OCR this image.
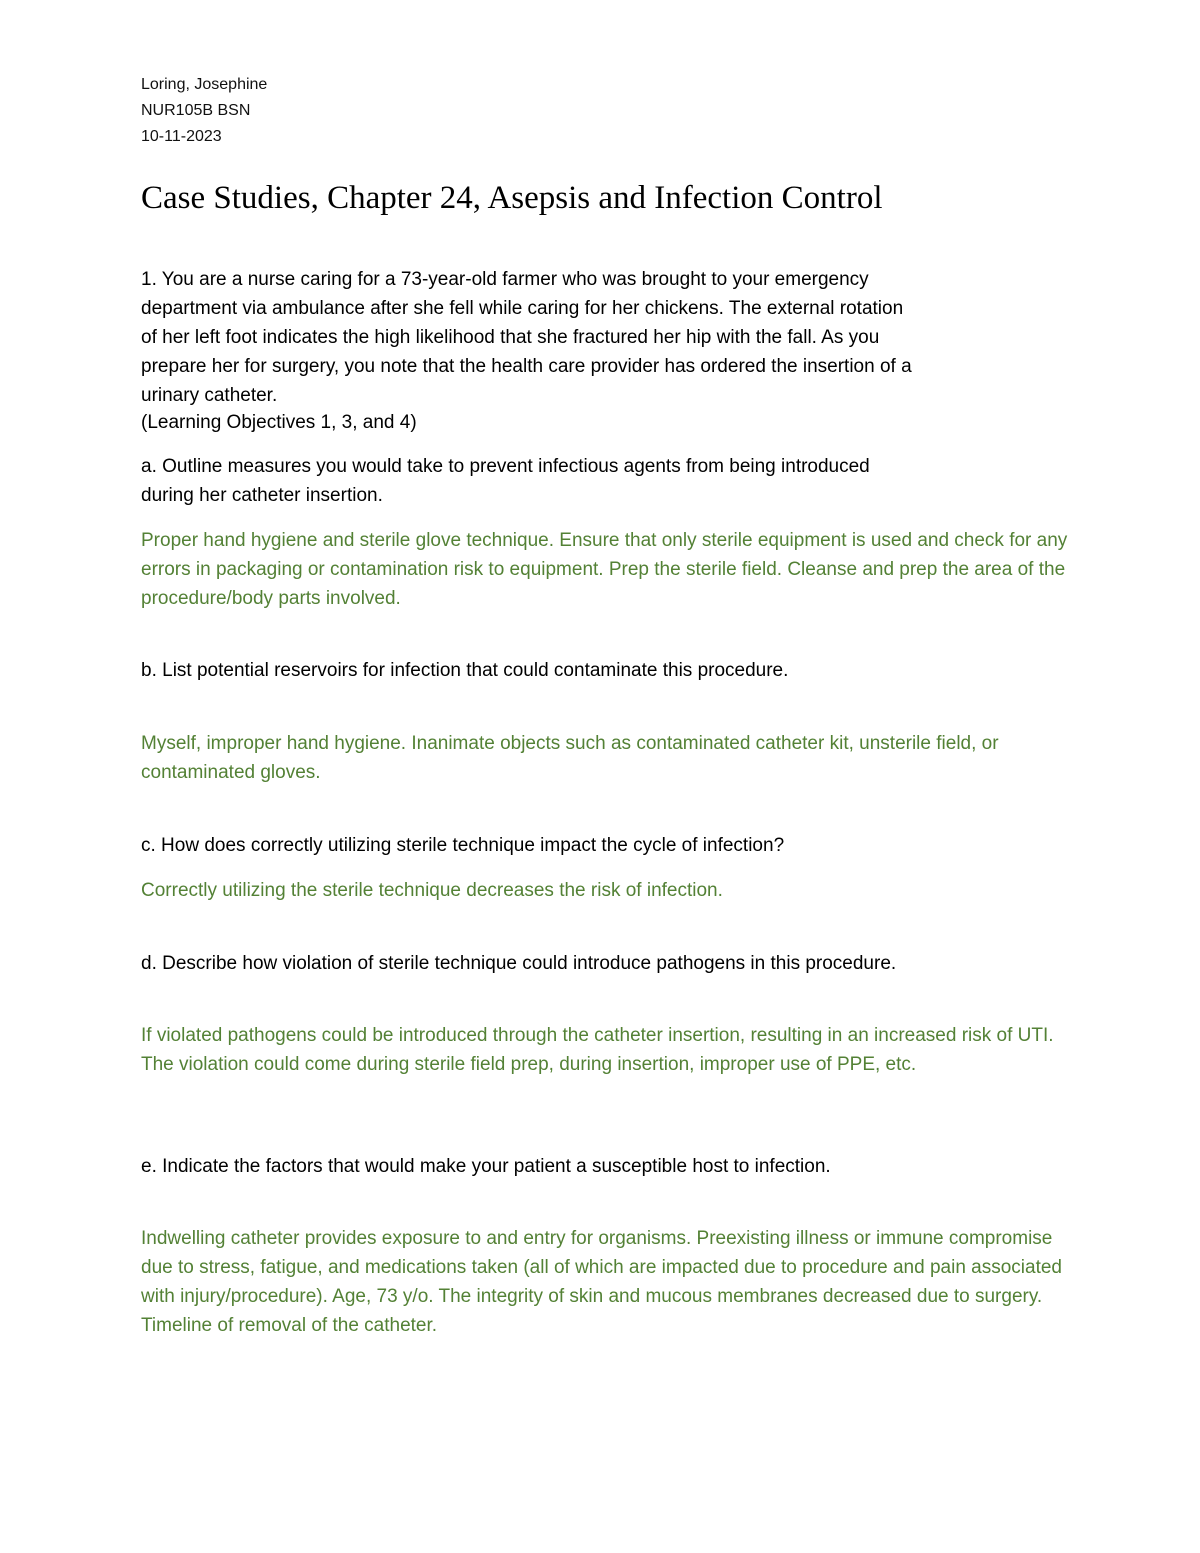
Loring, Josephine
NUR105B BSN
10-11-2023
Case Studies, Chapter 24, Asepsis and Infection Control
1. You are a nurse caring for a 73-year-old farmer who was brought to your emergency department via ambulance after she fell while caring for her chickens. The external rotation of her left foot indicates the high likelihood that she fractured her hip with the fall. As you prepare her for surgery, you note that the health care provider has ordered the insertion of a urinary catheter.
(Learning Objectives 1, 3, and 4)
a. Outline measures you would take to prevent infectious agents from being introduced during her catheter insertion.
Proper hand hygiene and sterile glove technique. Ensure that only sterile equipment is used and check for any errors in packaging or contamination risk to equipment. Prep the sterile field. Cleanse and prep the area of the procedure/body parts involved.
b. List potential reservoirs for infection that could contaminate this procedure.
Myself, improper hand hygiene. Inanimate objects such as contaminated catheter kit, unsterile field, or contaminated gloves.
c. How does correctly utilizing sterile technique impact the cycle of infection?
Correctly utilizing the sterile technique decreases the risk of infection.
d. Describe how violation of sterile technique could introduce pathogens in this procedure.
If violated pathogens could be introduced through the catheter insertion, resulting in an increased risk of UTI. The violation could come during sterile field prep, during insertion, improper use of PPE, etc.
e. Indicate the factors that would make your patient a susceptible host to infection.
Indwelling catheter provides exposure to and entry for organisms. Preexisting illness or immune compromise due to stress, fatigue, and medications taken (all of which are impacted due to procedure and pain associated with injury/procedure). Age, 73 y/o. The integrity of skin and mucous membranes decreased due to surgery. Timeline of removal of the catheter.
